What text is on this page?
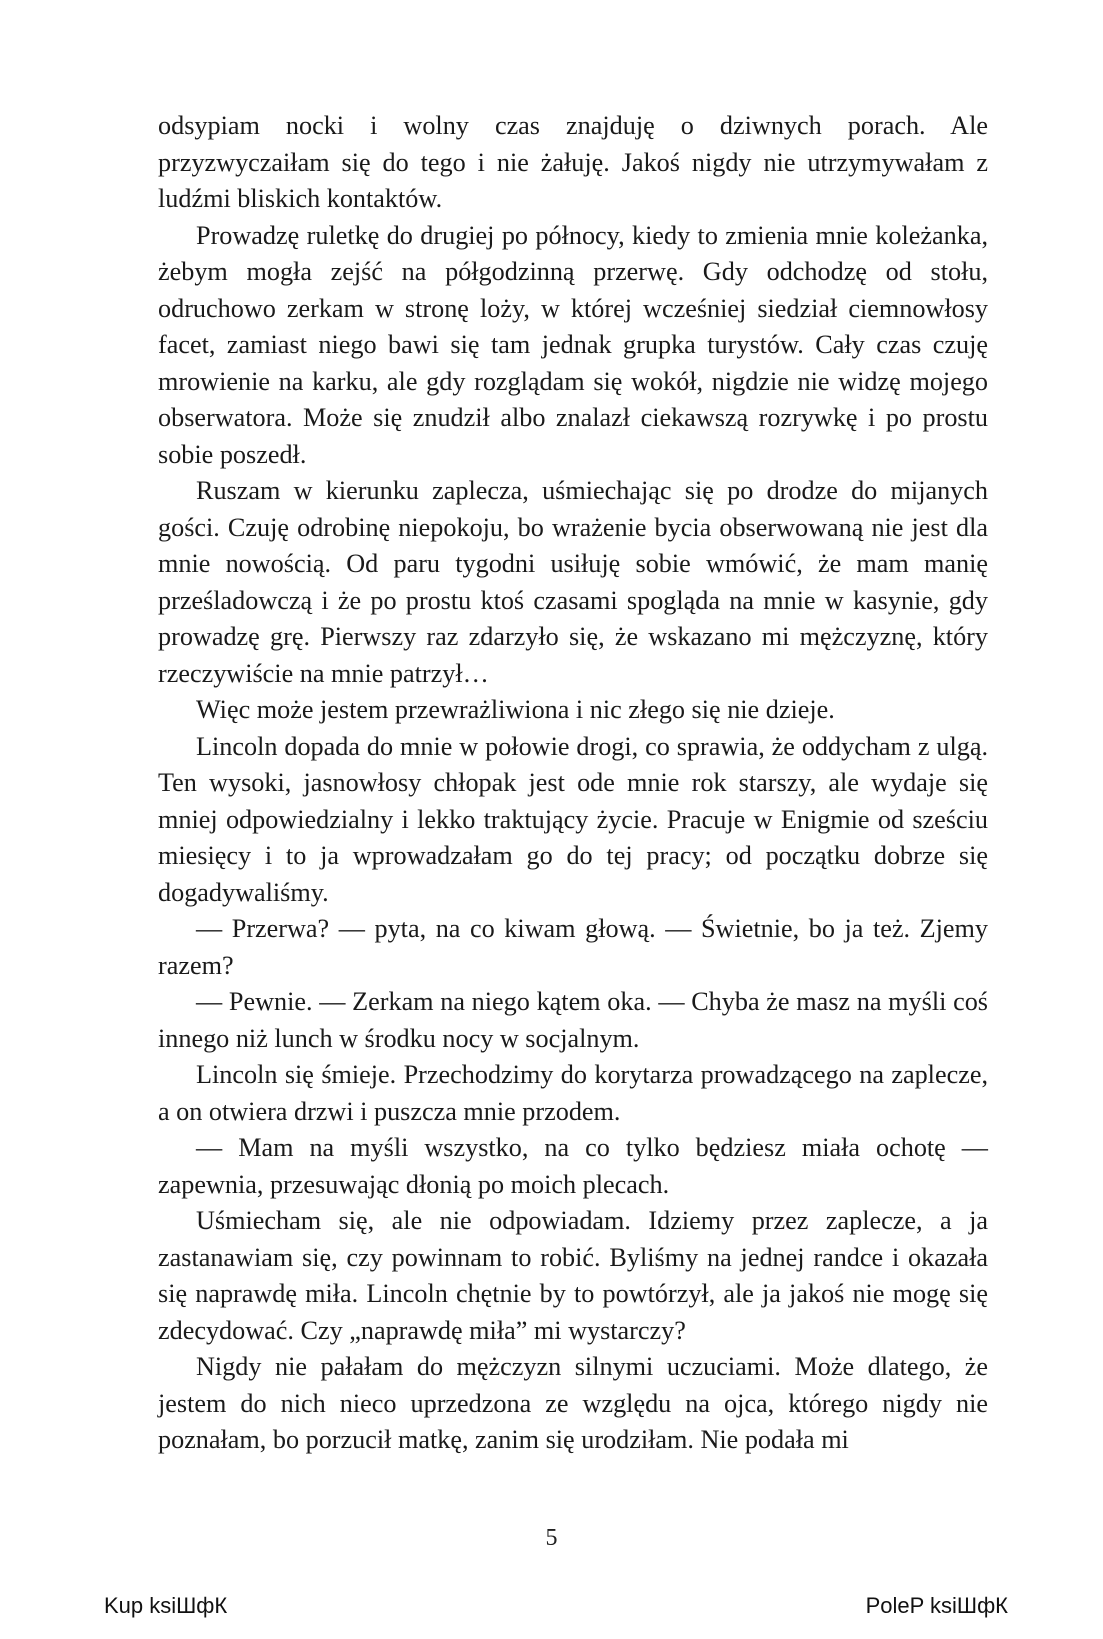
odsypiam nocki i wolny czas znajduję o dziwnych porach. Ale przyzwyczaiłam się do tego i nie żałuję. Jakoś nigdy nie utrzymywałam z ludźmi bliskich kontaktów.

Prowadzę ruletkę do drugiej po północy, kiedy to zmienia mnie koleżanka, żebym mogła zejść na półgodzinną przerwę. Gdy odchodzę od stołu, odruchowo zerkam w stronę loży, w której wcześniej siedział ciemnowłosy facet, zamiast niego bawi się tam jednak grupka turystów. Cały czas czuję mrowienie na karku, ale gdy rozglądam się wokół, nigdzie nie widzę mojego obserwatora. Może się znudził albo znalazł ciekawszą rozrywkę i po prostu sobie poszedł.

Ruszam w kierunku zaplecza, uśmiechając się po drodze do mijanych gości. Czuję odrobinę niepokoju, bo wrażenie bycia obserwowaną nie jest dla mnie nowością. Od paru tygodni usiłuję sobie wmówić, że mam manię prześladowczą i że po prostu ktoś czasami spogląda na mnie w kasynie, gdy prowadzę grę. Pierwszy raz zdarzyło się, że wskazano mi mężczyznę, który rzeczywiście na mnie patrzył…

Więc może jestem przewrażliwiona i nic złego się nie dzieje.

Lincoln dopada do mnie w połowie drogi, co sprawia, że oddycham z ulgą. Ten wysoki, jasnowłosy chłopak jest ode mnie rok starszy, ale wydaje się mniej odpowiedzialny i lekko traktujący życie. Pracuje w Enigmie od sześciu miesięcy i to ja wprowadzałam go do tej pracy; od początku dobrze się dogadywaliśmy.

— Przerwa? — pyta, na co kiwam głową. — Świetnie, bo ja też. Zjemy razem?

— Pewnie. — Zerkam na niego kątem oka. — Chyba że masz na myśli coś innego niż lunch w środku nocy w socjalnym.

Lincoln się śmieje. Przechodzimy do korytarza prowadzącego na zaplecze, a on otwiera drzwi i puszcza mnie przodem.

— Mam na myśli wszystko, na co tylko będziesz miała ochotę — zapewnia, przesuwając dłonią po moich plecach.

Uśmiecham się, ale nie odpowiadam. Idziemy przez zaplecze, a ja zastanawiam się, czy powinnam to robić. Byliśmy na jednej randce i okazała się naprawdę miła. Lincoln chętnie by to powtórzył, ale ja jakoś nie mogę się zdecydować. Czy „naprawdę miła” mi wystarczy?

Nigdy nie pałałam do mężczyzn silnymi uczuciami. Może dlatego, że jestem do nich nieco uprzedzona ze względu na ojca, którego nigdy nie poznałam, bo porzucił matkę, zanim się urodziłam. Nie podała mi

5
Kup ksiШфК	PoleP ksiШфК
